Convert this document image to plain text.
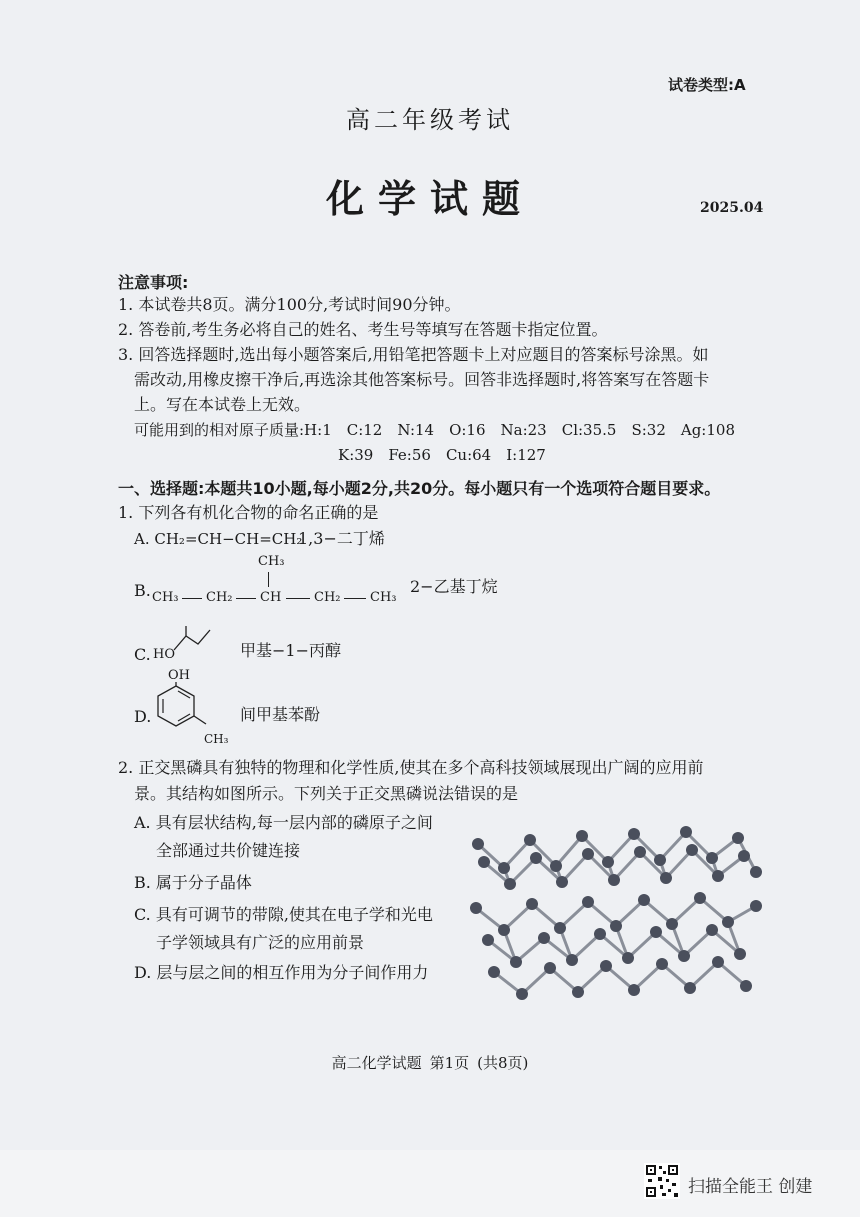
试卷类型:A
高二年级考试
化学试题	2025.04
注意事项:
1. 本试卷共8页。满分100分,考试时间90分钟。
2. 答卷前,考生务必将自己的姓名、考生号等填写在答题卡指定位置。
3. 回答选择题时,选出每小题答案后,用铅笔把答题卡上对应题目的答案标号涂黑。如
需改动,用橡皮擦干净后,再选涂其他答案标号。回答非选择题时,将答案写在答题卡
上。写在本试卷上无效。
可能用到的相对原子质量:H:1　C:12　N:14　O:16　Na:23　Cl:35.5　S:32　Ag:108
K:39　Fe:56　Cu:64　I:127
一、选择题:本题共10小题,每小题2分,共20分。每小题只有一个选项符合题目要求。
1. 下列各有机化合物的命名正确的是
A. CH₂=CH−CH=CH₂
1,3−二丁烯
B.
CH₃
CH₃ CH₂ CH	CH₂ CH₃
2−乙基丁烷
C. HO	甲基−1−丙醇
D.
OH
CH₃
间甲基苯酚
2. 正交黑磷具有独特的物理和化学性质,使其在多个高科技领域展现出广阔的应用前
景。其结构如图所示。下列关于正交黑磷说法错误的是
A. 具有层状结构,每一层内部的磷原子之间
全部通过共价键连接
B. 属于分子晶体
C. 具有可调节的带隙,使其在电子学和光电
子学领域具有广泛的应用前景
D. 层与层之间的相互作用为分子间作用力
高二化学试题 第1页 (共8页)
扫描全能王 创建
